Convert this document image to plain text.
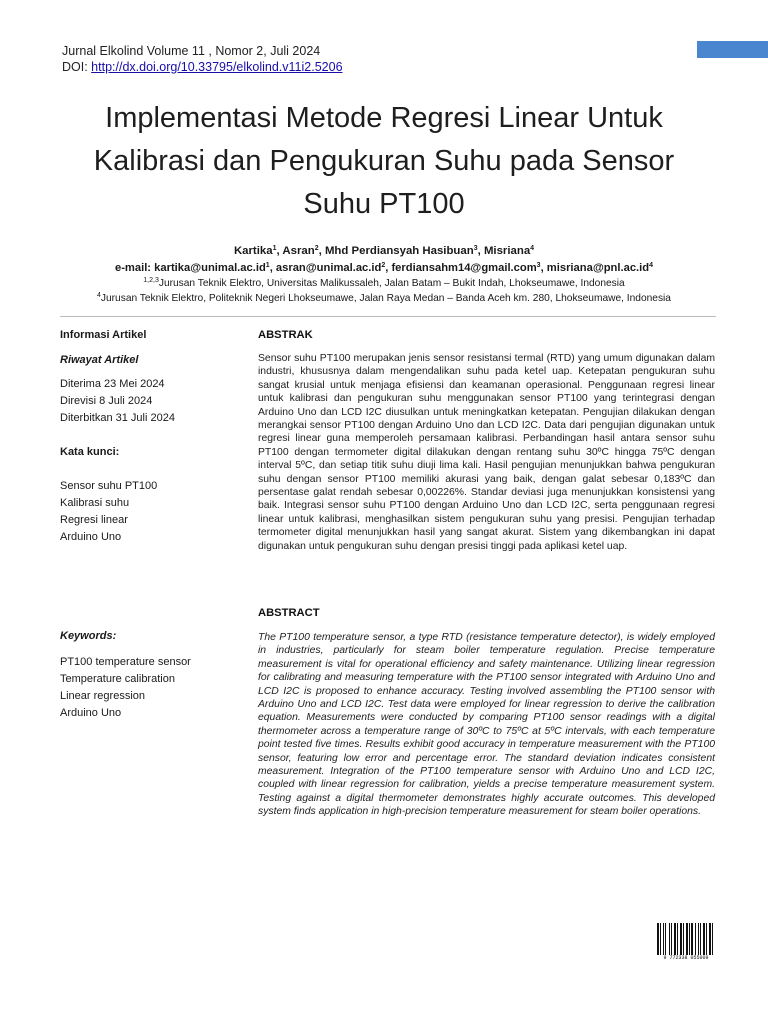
Jurnal Elkolind Volume 11 , Nomor 2, Juli 2024
DOI: http://dx.doi.org/10.33795/elkolind.v11i2.5206
Implementasi Metode Regresi Linear Untuk
Kalibrasi dan Pengukuran Suhu pada Sensor
Suhu PT100
Kartika$^1$, Asran$^2$, Mhd Perdiansyah Hasibuan$^3$, Misriana$^4$
e-mail: $kartika@unimal.ac.id^1$, $asran@unimal.ac.id^2$, ferdiansahm14@gmail.com$^3$, $misriana@pnl.ac.id^4$
$^{1,2,3}$Jurusan Teknik Elektro, Universitas Malikussaleh, Jalan Batam – Bukit Indah, Lhokseumawe, Indonesia
$^4$Jurusan Teknik Elektro, Politeknik Negeri Lhokseumawe, Jalan Raya Medan – Banda Aceh km. 280, Lhokseumawe, Indonesia
Informasi Artikel
Riwayat Artikel
Diterima 23 Mei 2024
Direvisi 8 Juli 2024
Diterbitkan 31 Juli 2024
Kata kunci:
Sensor suhu PT100
Kalibrasi suhu
Regresi linear
Arduino Uno
Keywords:
PT100 temperature sensor
Temperature calibration
Linear regression
Arduino Uno
ABSTRAK

Sensor suhu PT100 merupakan jenis sensor resistansi termal (RTD) yang umum digunakan dalam industri, khususnya dalam mengendalikan suhu pada ketel uap. Ketepatan pengukuran suhu sangat krusial untuk menjaga efisiensi dan keamanan operasional. Penggunaan regresi linear untuk kalibrasi dan pengukuran suhu menggunakan sensor PT100 yang terintegrasi dengan Arduino Uno dan LCD I2C diusulkan untuk meningkatkan ketepatan. Pengujian dilakukan dengan merangkai sensor PT100 dengan Arduino Uno dan LCD I2C. Data dari pengujian digunakan untuk regresi linear guna memperoleh persamaan kalibrasi. Perbandingan hasil antara sensor suhu PT100 dengan termometer digital dilakukan dengan rentang suhu 30ºC hingga 75ºC dengan interval 5ºC, dan setiap titik suhu diuji lima kali. Hasil pengujian menunjukkan bahwa pengukuran suhu dengan sensor PT100 memiliki akurasi yang baik, dengan galat sebesar 0,183ºC dan persentase galat rendah sebesar 0,00226%. Standar deviasi juga menunjukkan konsistensi yang baik. Integrasi sensor suhu PT100 dengan Arduino Uno dan LCD I2C, serta penggunaan regresi linear untuk kalibrasi, menghasilkan sistem pengukuran suhu yang presisi. Pengujian terhadap termometer digital menunjukkan hasil yang sangat akurat. Sistem yang dikembangkan ini dapat digunakan untuk pengukuran suhu dengan presisi tinggi pada aplikasi ketel uap.

ABSTRACT

The PT100 temperature sensor, a type RTD (resistance temperature detector), is widely employed in industries, particularly for steam boiler temperature regulation. Precise temperature measurement is vital for operational efficiency and safety maintenance. Utilizing linear regression for calibrating and measuring temperature with the PT100 sensor integrated with Arduino Uno and LCD I2C is proposed to enhance accuracy. Testing involved assembling the PT100 sensor with Arduino Uno and LCD I2C. Test data were employed for linear regression to derive the calibration equation. Measurements were conducted by comparing PT100 sensor readings with a digital thermometer across a temperature range of 30ºC to 75ºC at 5ºC intervals, with each temperature point tested five times. Results exhibit good accuracy in temperature measurement with the PT100 sensor, featuring low error and percentage error. The standard deviation indicates consistent measurement. Integration of the PT100 temperature sensor with Arduino Uno and LCD I2C, coupled with linear regression for calibration, yields a precise temperature measurement system. Testing against a digital thermometer demonstrates highly accurate outcomes. This developed system finds application in high-precision temperature measurement for steam boiler operations.

9 772338 055009
